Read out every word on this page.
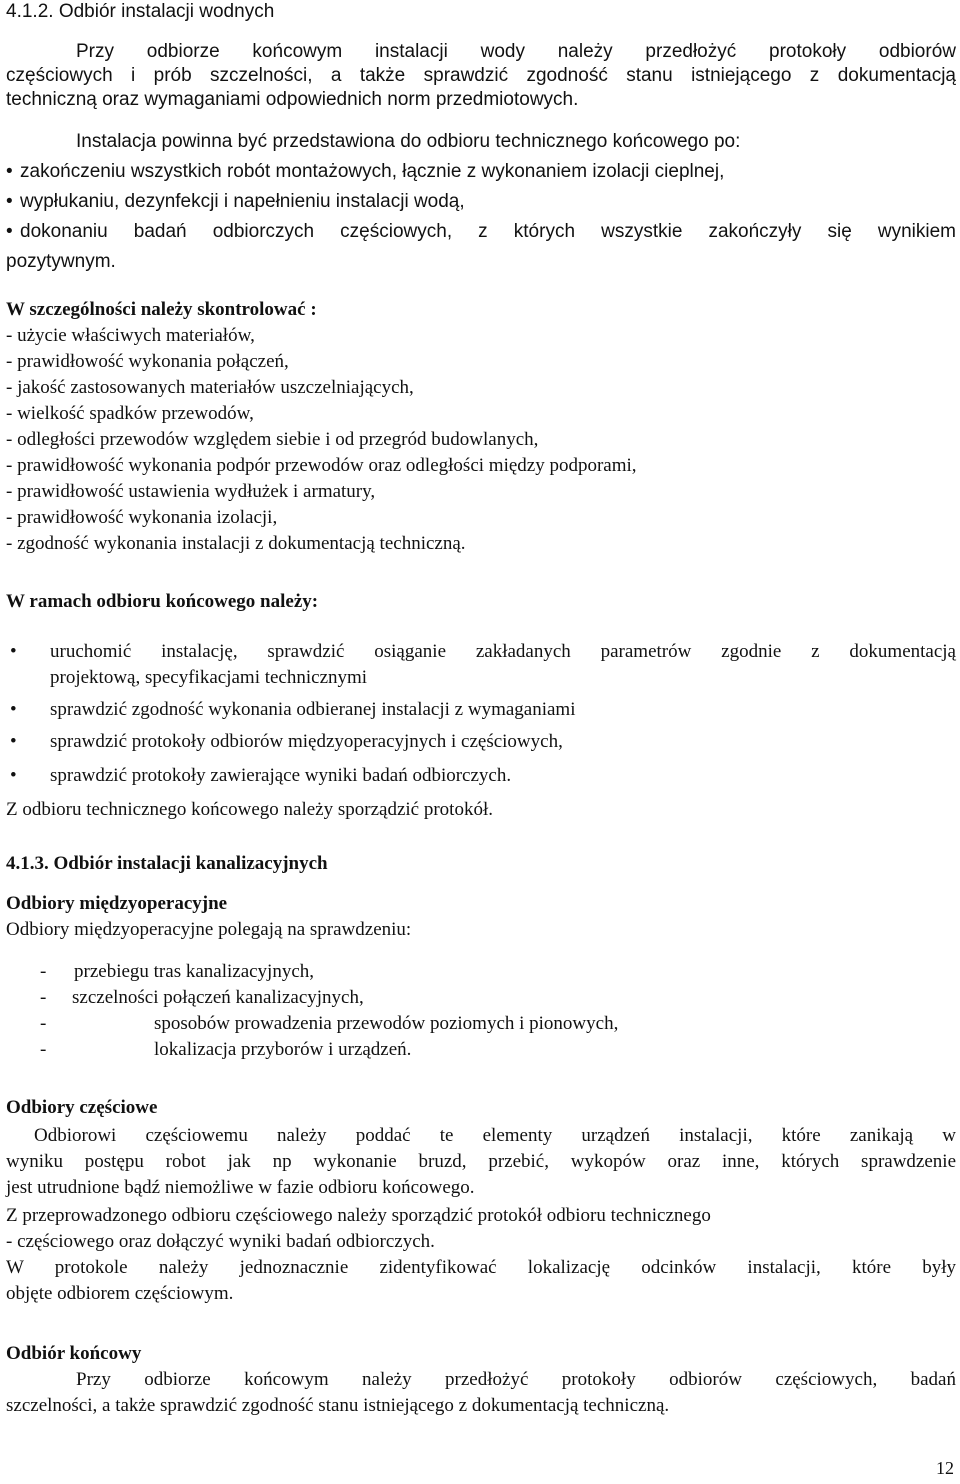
4.1.2. Odbiór instalacji wodnych
Przy odbiorze końcowym instalacji wody należy przedłożyć protokoły odbiorów
częściowych i prób szczelności, a także sprawdzić zgodność stanu istniejącego z dokumentacją
techniczną oraz wymaganiami odpowiednich norm przedmiotowych.
Instalacja powinna być przedstawiona do odbioru technicznego końcowego po:
• zakończeniu wszystkich robót montażowych, łącznie z wykonaniem izolacji cieplnej,
• wypłukaniu, dezynfekcji i napełnieniu instalacji wodą,
• dokonaniu badań odbiorczych częściowych, z których wszystkie zakończyły się wynikiem
pozytywnym.
W szczególności należy skontrolować :
- użycie właściwych materiałów,
- prawidłowość wykonania połączeń,
- jakość zastosowanych materiałów uszczelniających,
- wielkość spadków przewodów,
- odległości przewodów względem siebie i od przegród budowlanych,
- prawidłowość wykonania podpór przewodów oraz odległości między podporami,
- prawidłowość ustawienia wydłużek i armatury,
- prawidłowość wykonania izolacji,
- zgodność wykonania instalacji z dokumentacją techniczną.
W ramach odbioru końcowego należy:
•	uruchomić instalację, sprawdzić osiąganie zakładanych parametrów zgodnie z dokumentacją
projektową, specyfikacjami technicznymi
•	sprawdzić zgodność wykonania odbieranej instalacji z wymaganiami
•	sprawdzić protokoły odbiorów międzyoperacyjnych i częściowych,
•	sprawdzić protokoły zawierające wyniki badań odbiorczych.
Z odbioru technicznego końcowego należy sporządzić protokół.
4.1.3. Odbiór instalacji kanalizacyjnych
Odbiory międzyoperacyjne
Odbiory międzyoperacyjne polegają na sprawdzeniu:
- przebiegu tras kanalizacyjnych,
- szczelności połączeń kanalizacyjnych,
-	sposobów prowadzenia przewodów poziomych i pionowych,
-	lokalizacja przyborów i urządzeń.
Odbiory częściowe
Odbiorowi częściowemu należy poddać te elementy urządzeń instalacji, które zanikają w
wyniku postępu robot jak np wykonanie bruzd, przebić, wykopów oraz inne, których sprawdzenie
jest utrudnione bądź niemożliwe w fazie odbioru końcowego.
Z przeprowadzonego odbioru częściowego należy sporządzić protokół odbioru technicznego
- częściowego oraz dołączyć wyniki badań odbiorczych.
W protokole należy jednoznacznie zidentyfikować lokalizację odcinków instalacji, które były
objęte odbiorem częściowym.
Odbiór końcowy
Przy odbiorze końcowym należy przedłożyć protokoły odbiorów częściowych, badań
szczelności, a także sprawdzić zgodność stanu istniejącego z dokumentacją techniczną.
12
